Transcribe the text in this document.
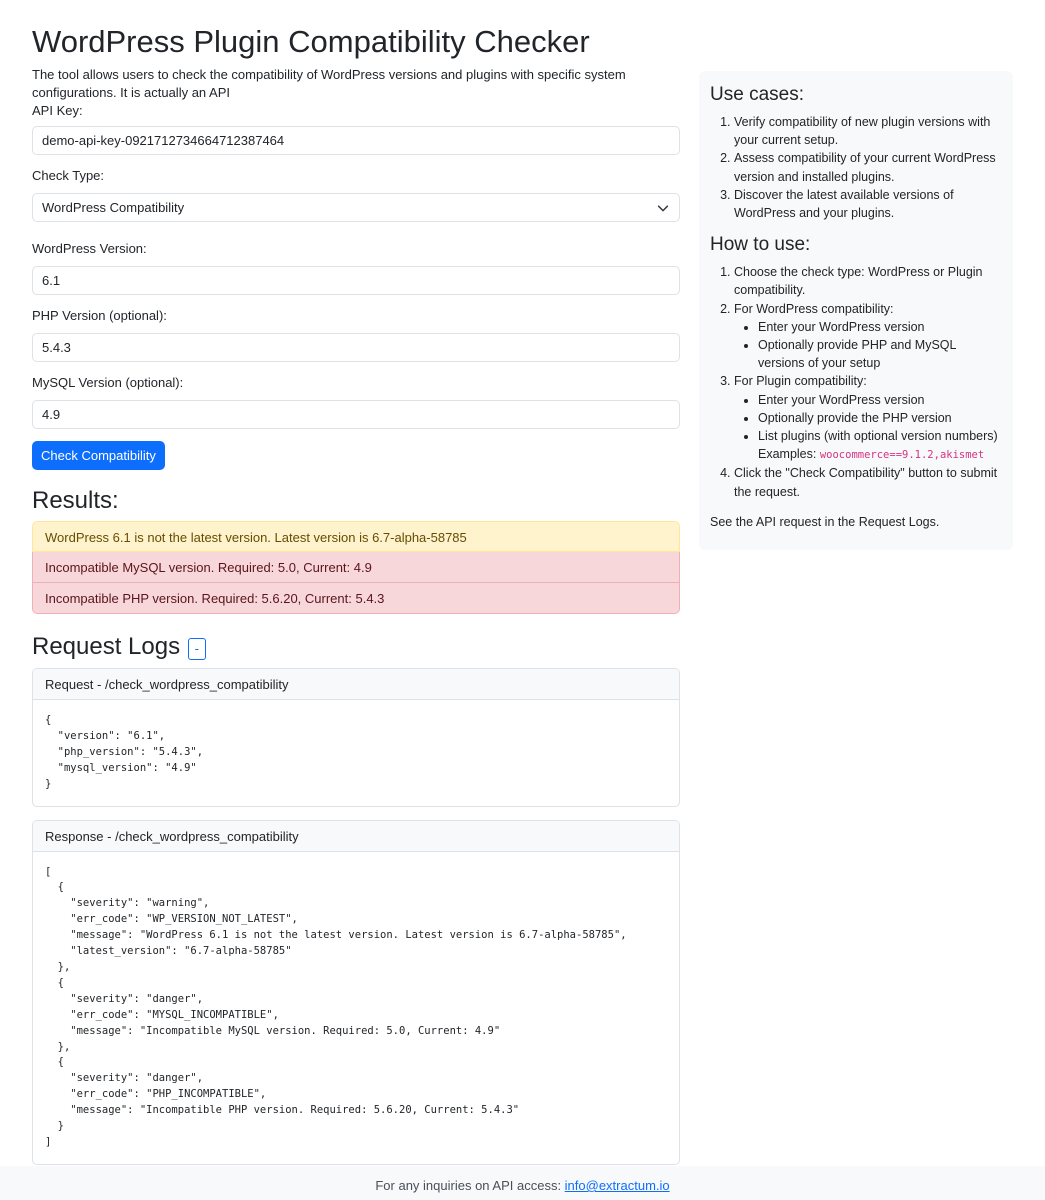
WordPress Plugin Compatibility Checker
The tool allows users to check the compatibility of WordPress versions and plugins with specific system configurations. It is actually an API
API Key:
demo-api-key-0921712734664712387464
Check Type:
WordPress Compatibility
WordPress Version:
6.1
PHP Version (optional):
5.4.3
MySQL Version (optional):
4.9
Check Compatibility
Results:
WordPress 6.1 is not the latest version. Latest version is 6.7-alpha-58785
Incompatible MySQL version. Required: 5.0, Current: 4.9
Incompatible PHP version. Required: 5.6.20, Current: 5.4.3
Request Logs -
Request - /check_wordpress_compatibility
{
"version": "6.1",
"php_version": "5.4.3",
"mysql_version": "4.9"
}
Response - /check_wordpress_compatibility
[
{
"severity": "warning",
"err_code": "WP_VERSION_NOT_LATEST",
"message": "WordPress 6.1 is not the latest version. Latest version is 6.7-alpha-58785",
"latest_version": "6.7-alpha-58785"
},
{
"severity": "danger",
"err_code": "MYSQL_INCOMPATIBLE",
"message": "Incompatible MySQL version. Required: 5.0, Current: 4.9"
},
{
"severity": "danger",
"err_code": "PHP_INCOMPATIBLE",
"message": "Incompatible PHP version. Required: 5.6.20, Current: 5.4.3"
}
]
Use cases:
1. Verify compatibility of new plugin versions with your current setup.
2. Assess compatibility of your current WordPress version and installed plugins.
3. Discover the latest available versions of WordPress and your plugins.
How to use:
1. Choose the check type: WordPress or Plugin compatibility.
2. For WordPress compatibility:
• Enter your WordPress version
• Optionally provide PHP and MySQL versions of your setup
3. For Plugin compatibility:
• Enter your WordPress version
• Optionally provide the PHP version
• List plugins (with optional version numbers)
Examples: woocommerce==9.1.2,akismet
4. Click the "Check Compatibility" button to submit the request.

See the API request in the Request Logs.

For any inquiries on API access: info@extractum.io
